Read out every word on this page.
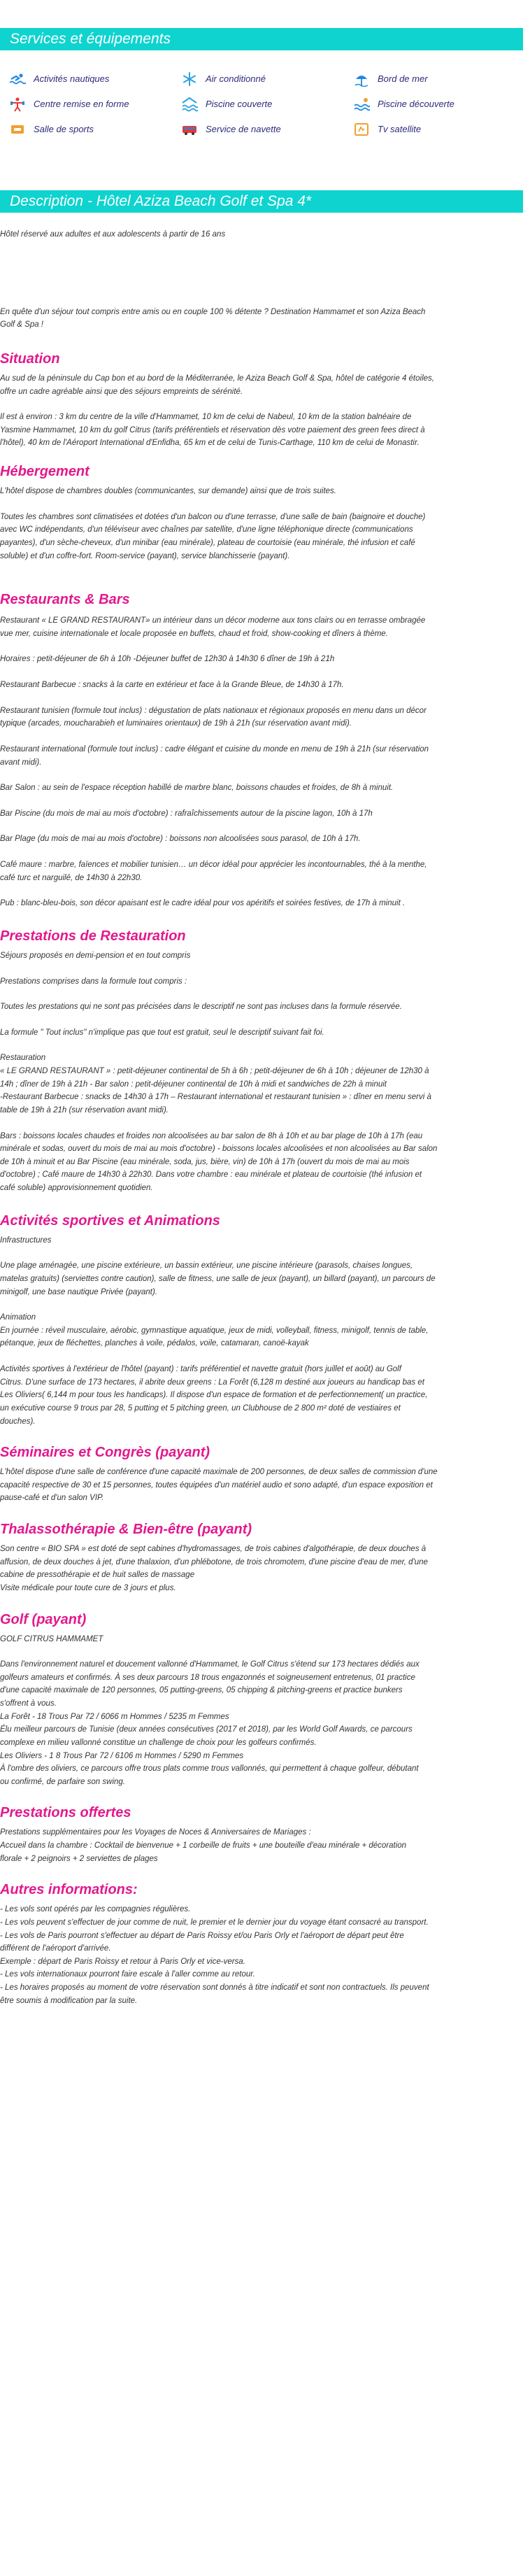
Services et équipements
Activités nautiques	Air conditionné	Bord de mer
Centre remise en forme	Piscine couverte	Piscine découverte
Salle de sports	Service de navette	Tv satellite
Description - Hôtel Aziza Beach Golf et Spa 4*
Hôtel réservé aux adultes et aux adolescents à partir de 16 ans
En quête d'un séjour tout compris entre amis ou en couple 100 % détente ? Destination Hammamet et son Aziza Beach
Golf & Spa !
Situation
Au sud de la péninsule du Cap bon et au bord de la Méditerranée, le Aziza Beach Golf & Spa, hôtel de catégorie 4 étoiles,
offre un cadre agréable ainsi que des séjours empreints de sérénité.
Il est à environ : 3 km du centre de la ville d'Hammamet, 10 km de celui de Nabeul, 10 km de la station balnéaire de
Yasmine Hammamet, 10 km du golf Citrus (tarifs préférentiels et réservation dès votre paiement des green fees direct à
l'hôtel), 40 km de l'Aéroport International d'Enfidha, 65 km et de celui de Tunis-Carthage, 110 km de celui de Monastir.
Hébergement
L'hôtel dispose de chambres doubles (communicantes, sur demande) ainsi que de trois suites.
Toutes les chambres sont climatisées et dotées d'un balcon ou d'une terrasse, d'une salle de bain (baignoire et douche)
avec WC indépendants, d'un téléviseur avec chaînes par satellite, d'une ligne téléphonique directe (communications
payantes), d'un sèche-cheveux, d'un minibar (eau minérale), plateau de courtoisie (eau minérale, thé infusion et café
soluble) et d'un coffre-fort. Room-service (payant), service blanchisserie (payant).
Restaurants & Bars
Restaurant « LE GRAND RESTAURANT» un intérieur dans un décor moderne aux tons clairs ou en terrasse ombragée
vue mer, cuisine internationale et locale proposée en buffets, chaud et froid, show-cooking et dîners à thème.
Horaires : petit-déjeuner de 6h à 10h -Déjeuner buffet de 12h30 à 14h30 6 dîner de 19h à 21h
Restaurant Barbecue : snacks à la carte en extérieur et face à la Grande Bleue, de 14h30 à 17h.
Restaurant tunisien (formule tout inclus) : dégustation de plats nationaux et régionaux proposés en menu dans un décor
typique (arcades, moucharabieh et luminaires orientaux) de 19h à 21h (sur réservation avant midi).
Restaurant international (formule tout inclus) : cadre élégant et cuisine du monde en menu de 19h à 21h (sur réservation
avant midi).
Bar Salon : au sein de l'espace réception habillé de marbre blanc, boissons chaudes et froides, de 8h à minuit.
Bar Piscine (du mois de mai au mois d'octobre) : rafraîchissements autour de la piscine lagon, 10h à 17h
Bar Plage (du mois de mai au mois d'octobre) : boissons non alcoolisées sous parasol, de 10h à 17h.
Café maure : marbre, faïences et mobilier tunisien… un décor idéal pour apprécier les incontournables, thé à la menthe,
café turc et narguilé, de 14h30 à 22h30.
Pub : blanc-bleu-bois, son décor apaisant est le cadre idéal pour vos apéritifs et soirées festives, de 17h à minuit .
Prestations de Restauration
Séjours proposés en demi-pension et en tout compris
Prestations comprises dans la formule tout compris :
Toutes les prestations qui ne sont pas précisées dans le descriptif ne sont pas incluses dans la formule réservée.
La formule " Tout inclus" n'implique pas que tout est gratuit, seul le descriptif suivant fait foi.
Restauration
« LE GRAND RESTAURANT » : petit-déjeuner continental de 5h à 6h ; petit-déjeuner de 6h à 10h ; déjeuner de 12h30 à
14h ; dîner de 19h à 21h - Bar salon : petit-déjeuner continental de 10h à midi et sandwiches de 22h à minuit
-Restaurant Barbecue : snacks de 14h30 à 17h – Restaurant international et restaurant tunisien » : dîner en menu servi à
table de 19h à 21h (sur réservation avant midi).
Bars : boissons locales chaudes et froides non alcoolisées au bar salon de 8h à 10h et au bar plage de 10h à 17h (eau
minérale et sodas, ouvert du mois de mai au mois d'octobre) - boissons locales alcoolisées et non alcoolisées au Bar salon
de 10h à minuit et au Bar Piscine (eau minérale, soda, jus, bière, vin) de 10h à 17h (ouvert du mois de mai au mois
d'octobre) ; Café maure de 14h30 à 22h30. Dans votre chambre : eau minérale et plateau de courtoisie (thé infusion et
café soluble) approvisionnement quotidien.
Activités sportives et Animations
Infrastructures
Une plage aménagée, une piscine extérieure, un bassin extérieur, une piscine intérieure (parasols, chaises longues,
matelas gratuits) (serviettes contre caution), salle de fitness, une salle de jeux (payant), un billard (payant), un parcours de
minigolf, une base nautique Privée (payant).
Animation
En journée : réveil musculaire, aérobic, gymnastique aquatique, jeux de midi, volleyball, fitness, minigolf, tennis de table,
pétanque, jeux de fléchettes, planches à voile, pédalos, voile, catamaran, canoë-kayak
Activités sportives à l'extérieur de l'hôtel (payant) : tarifs préférentiel et navette gratuit (hors juillet et août) au Golf
Citrus. D'une surface de 173 hectares, il abrite deux greens : La Forêt (6,128 m destiné aux joueurs au handicap bas et
Les Oliviers( 6,144 m pour tous les handicaps). Il dispose d'un espace de formation et de perfectionnement( un practice,
un exécutive course 9 trous par 28, 5 putting et 5 pitching green, un Clubhouse de 2 800 m² doté de vestiaires et
douches).
Séminaires et Congrès (payant)
L'hôtel dispose d'une salle de conférence d'une capacité maximale de 200 personnes, de deux salles de commission d'une
capacité respective de 30 et 15 personnes, toutes équipées d'un matériel audio et sono adapté, d'un espace exposition et
pause-café et d'un salon VIP.
Thalassothérapie & Bien-être (payant)
Son centre « BIO SPA » est doté de sept cabines d'hydromassages, de trois cabines d'algothérapie, de deux douches à
affusion, de deux douches à jet, d'une thalaxion, d'un phlébotone, de trois chromotem, d'une piscine d'eau de mer, d'une
cabine de pressothérapie et de huit salles de massage
Visite médicale pour toute cure de 3 jours et plus.
Golf (payant)
GOLF CITRUS HAMMAMET
Dans l'environnement naturel et doucement vallonné d'Hammamet, le Golf Citrus s'étend sur 173 hectares dédiés aux
golfeurs amateurs et confirmés. À ses deux parcours 18 trous engazonnés et soigneusement entretenus, 01 practice
d'une capacité maximale de 120 personnes, 05 putting-greens, 05 chipping & pitching-greens et practice bunkers
s'offrent à vous.
La Forêt - 18 Trous Par 72 / 6066 m Hommes / 5235 m Femmes
Élu meilleur parcours de Tunisie (deux années consécutives (2017 et 2018), par les World Golf Awards, ce parcours
complexe en milieu vallonné constitue un challenge de choix pour les golfeurs confirmés.
Les Oliviers - 1 8 Trous Par 72 / 6106 m Hommes / 5290 m Femmes
À l'ombre des oliviers, ce parcours offre trous plats comme trous vallonnés, qui permettent à chaque golfeur, débutant
ou confirmé, de parfaire son swing.
Prestations offertes
Prestations supplémentaires pour les Voyages de Noces & Anniversaires de Mariages :
Accueil dans la chambre : Cocktail de bienvenue + 1 corbeille de fruits + une bouteille d'eau minérale + décoration
florale + 2 peignoirs + 2 serviettes de plages
Autres informations:
- Les vols sont opérés par les compagnies régulières.
- Les vols peuvent s'effectuer de jour comme de nuit, le premier et le dernier jour du voyage étant consacré au transport.
- Les vols de Paris pourront s'effectuer au départ de Paris Roissy et/ou Paris Orly et l'aéroport de départ peut être
différent de l'aéroport d'arrivée.
Exemple : départ de Paris Roissy et retour à Paris Orly et vice-versa.
- Les vols internationaux pourront faire escale à l'aller comme au retour.
- Les horaires proposés au moment de votre réservation sont donnés à titre indicatif et sont non contractuels. Ils peuvent
être soumis à modification par la suite.
